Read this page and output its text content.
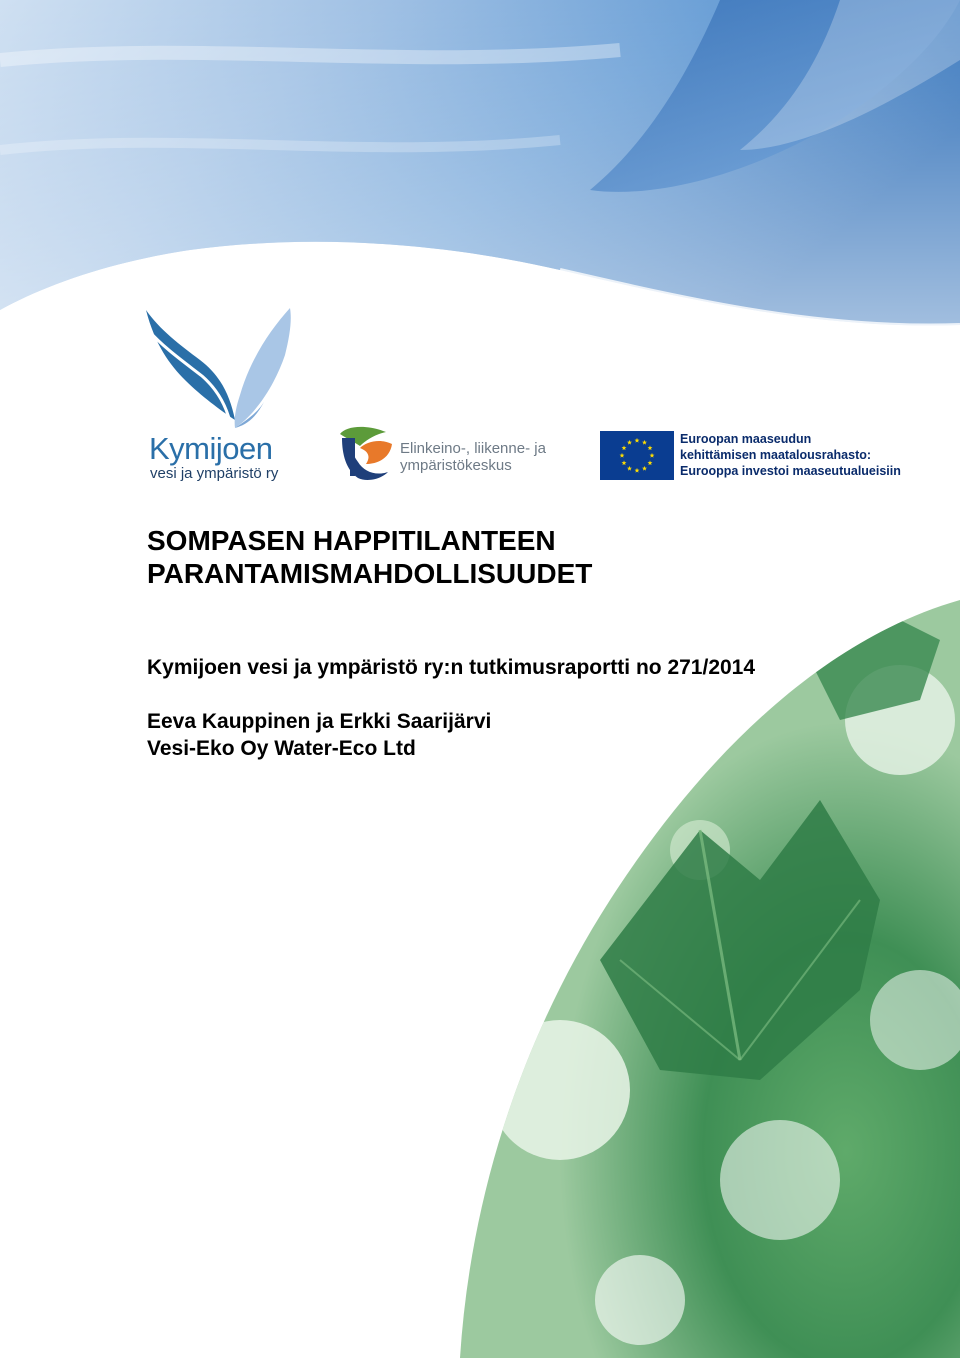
Kymijoen
vesi ja ympäristö ry
Elinkeino-, liikenne- ja
ympäristökeskus
Euroopan maaseudun
kehittämisen maatalousrahasto:
Eurooppa investoi maaseutualueisiin
SOMPASEN HAPPITILANTEEN
PARANTAMISMAHDOLLISUUDET

Kymijoen vesi ja ympäristö ry:n tutkimusraportti no 271/2014

Eeva Kauppinen ja Erkki Saarijärvi
Vesi-Eko Oy Water-Eco Ltd
